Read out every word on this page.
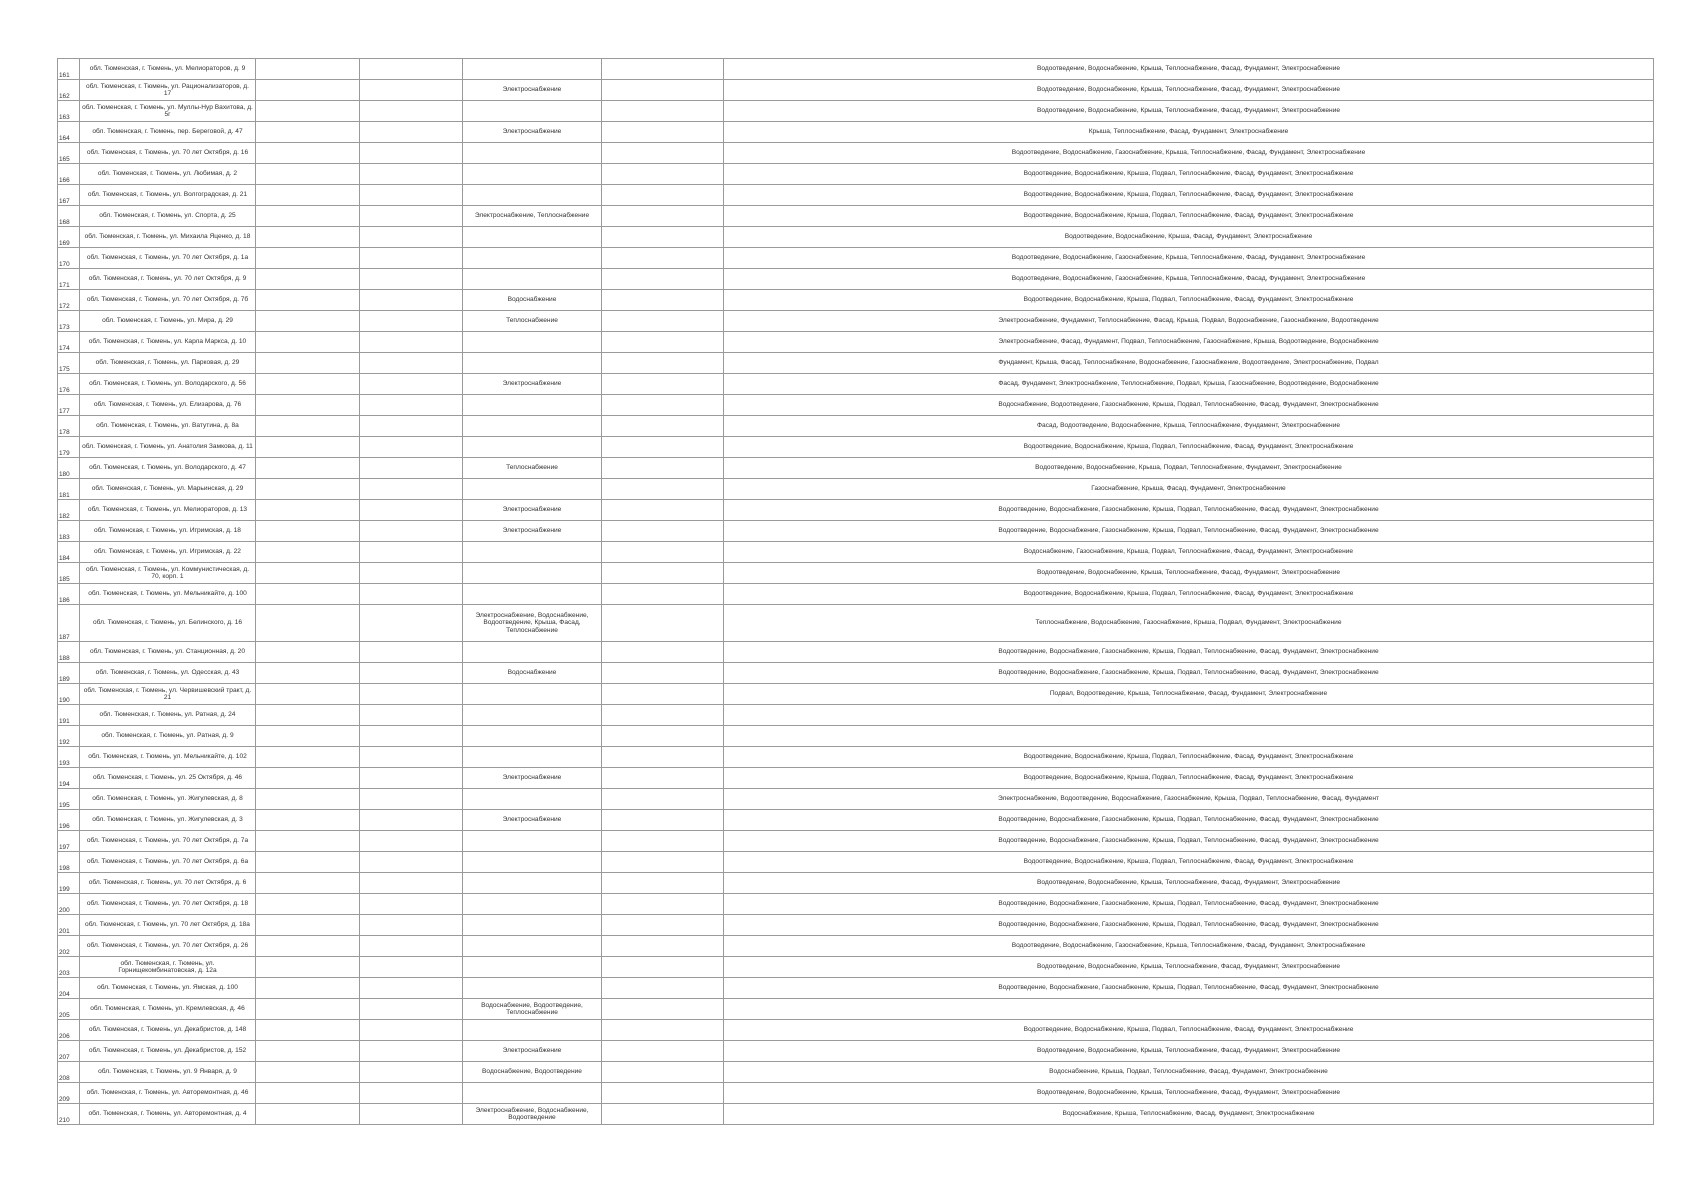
161	обл. Тюменская, г. Тюмень, ул. Мелиораторов, д. 9					Водоотведение, Водоснабжение, Крыша, Теплоснабжение, Фасад, Фундамент, Электроснабжение
162	обл. Тюменская, г. Тюмень, ул. Рационализаторов, д. 17			Электроснабжение		Водоотведение, Водоснабжение, Крыша, Теплоснабжение, Фасад, Фундамент, Электроснабжение
163	обл. Тюменская, г. Тюмень, ул. Муллы-Нур Вахитова, д. 5г					Водоотведение, Водоснабжение, Крыша, Теплоснабжение, Фасад, Фундамент, Электроснабжение
164	обл. Тюменская, г. Тюмень, пер. Береговой, д. 47			Электроснабжение		Крыша, Теплоснабжение, Фасад, Фундамент, Электроснабжение
165	обл. Тюменская, г. Тюмень, ул. 70 лет Октября, д. 16					Водоотведение, Водоснабжение, Газоснабжение, Крыша, Теплоснабжение, Фасад, Фундамент, Электроснабжение
166	обл. Тюменская, г. Тюмень, ул. Любимая, д. 2					Водоотведение, Водоснабжение, Крыша, Подвал, Теплоснабжение, Фасад, Фундамент, Электроснабжение
167	обл. Тюменская, г. Тюмень, ул. Волгоградская, д. 21					Водоотведение, Водоснабжение, Крыша, Подвал, Теплоснабжение, Фасад, Фундамент, Электроснабжение
168	обл. Тюменская, г. Тюмень, ул. Спорта, д. 25			Электроснабжение, Теплоснабжение		Водоотведение, Водоснабжение, Крыша, Подвал, Теплоснабжение, Фасад, Фундамент, Электроснабжение
169	обл. Тюменская, г. Тюмень, ул. Михаила Яценко, д. 18					Водоотведение, Водоснабжение, Крыша, Фасад, Фундамент, Электроснабжение
170	обл. Тюменская, г. Тюмень, ул. 70 лет Октября, д. 1а					Водоотведение, Водоснабжение, Газоснабжение, Крыша, Теплоснабжение, Фасад, Фундамент, Электроснабжение
171	обл. Тюменская, г. Тюмень, ул. 70 лет Октября, д. 9					Водоотведение, Водоснабжение, Газоснабжение, Крыша, Теплоснабжение, Фасад, Фундамент, Электроснабжение
172	обл. Тюменская, г. Тюмень, ул. 70 лет Октября, д. 7б			Водоснабжение		Водоотведение, Водоснабжение, Крыша, Подвал, Теплоснабжение, Фасад, Фундамент, Электроснабжение
173	обл. Тюменская, г. Тюмень, ул. Мира, д. 29			Теплоснабжение		Электроснабжение, Фундамент, Теплоснабжение, Фасад, Крыша, Подвал, Водоснабжение, Газоснабжение, Водоотведение
174	обл. Тюменская, г. Тюмень, ул. Карла Маркса, д. 10					Электроснабжение, Фасад, Фундамент, Подвал, Теплоснабжение, Газоснабжение, Крыша, Водоотведение, Водоснабжение
175	обл. Тюменская, г. Тюмень, ул. Парковая, д. 29					Фундамент, Крыша, Фасад, Теплоснабжение, Водоснабжение, Газоснабжение, Водоотведение, Электроснабжение, Подвал
176	обл. Тюменская, г. Тюмень, ул. Володарского, д. 56			Электроснабжение		Фасад, Фундамент, Электроснабжение, Теплоснабжение, Подвал, Крыша, Газоснабжение, Водоотведение, Водоснабжение
177	обл. Тюменская, г. Тюмень, ул. Елизарова, д. 76					Водоснабжение, Водоотведение, Газоснабжение, Крыша, Подвал, Теплоснабжение, Фасад, Фундамент, Электроснабжение
178	обл. Тюменская, г. Тюмень, ул. Ватутина, д. 8а					Фасад, Водоотведение, Водоснабжение, Крыша, Теплоснабжение, Фундамент, Электроснабжение
179	обл. Тюменская, г. Тюмень, ул. Анатолия Замкова, д. 11					Водоотведение, Водоснабжение, Крыша, Подвал, Теплоснабжение, Фасад, Фундамент, Электроснабжение
180	обл. Тюменская, г. Тюмень, ул. Володарского, д. 47			Теплоснабжение		Водоотведение, Водоснабжение, Крыша, Подвал, Теплоснабжение, Фундамент, Электроснабжение
181	обл. Тюменская, г. Тюмень, ул. Марьинская, д. 29					Газоснабжение, Крыша, Фасад, Фундамент, Электроснабжение
182	обл. Тюменская, г. Тюмень, ул. Мелиораторов, д. 13			Электроснабжение		Водоотведение, Водоснабжение, Газоснабжение, Крыша, Подвал, Теплоснабжение, Фасад, Фундамент, Электроснабжение
183	обл. Тюменская, г. Тюмень, ул. Игримская, д. 18			Электроснабжение		Водоотведение, Водоснабжение, Газоснабжение, Крыша, Подвал, Теплоснабжение, Фасад, Фундамент, Электроснабжение
184	обл. Тюменская, г. Тюмень, ул. Игримская, д. 22					Водоснабжение, Газоснабжение, Крыша, Подвал, Теплоснабжение, Фасад, Фундамент, Электроснабжение
185	обл. Тюменская, г. Тюмень, ул. Коммунистическая, д. 70, корп. 1					Водоотведение, Водоснабжение, Крыша, Теплоснабжение, Фасад, Фундамент, Электроснабжение
186	обл. Тюменская, г. Тюмень, ул. Мельникайте, д. 100					Водоотведение, Водоснабжение, Крыша, Подвал, Теплоснабжение, Фасад, Фундамент, Электроснабжение
187	обл. Тюменская, г. Тюмень, ул. Белинского, д. 16			Электроснабжение, Водоснабжение, Водоотведение, Крыша, Фасад, Теплоснабжение		Теплоснабжение, Водоснабжение, Газоснабжение, Крыша, Подвал, Фундамент, Электроснабжение
188	обл. Тюменская, г. Тюмень, ул. Станционная, д. 20					Водоотведение, Водоснабжение, Газоснабжение, Крыша, Подвал, Теплоснабжение, Фасад, Фундамент, Электроснабжение
189	обл. Тюменская, г. Тюмень, ул. Одесская, д. 43			Водоснабжение		Водоотведение, Водоснабжение, Газоснабжение, Крыша, Подвал, Теплоснабжение, Фасад, Фундамент, Электроснабжение
190	обл. Тюменская, г. Тюмень, ул. Червишевский тракт, д. 21					Подвал, Водоотведение, Крыша, Теплоснабжение, Фасад, Фундамент, Электроснабжение
191	обл. Тюменская, г. Тюмень, ул. Ратная, д. 24					
192	обл. Тюменская, г. Тюмень, ул. Ратная, д. 9					
193	обл. Тюменская, г. Тюмень, ул. Мельникайте, д. 102					Водоотведение, Водоснабжение, Крыша, Подвал, Теплоснабжение, Фасад, Фундамент, Электроснабжение
194	обл. Тюменская, г. Тюмень, ул. 25 Октября, д. 46			Электроснабжение		Водоотведение, Водоснабжение, Крыша, Подвал, Теплоснабжение, Фасад, Фундамент, Электроснабжение
195	обл. Тюменская, г. Тюмень, ул. Жигулевская, д. 8					Электроснабжение, Водоотведение, Водоснабжение, Газоснабжение, Крыша, Подвал, Теплоснабжение, Фасад, Фундамент
196	обл. Тюменская, г. Тюмень, ул. Жигулевская, д. 3			Электроснабжение		Водоотведение, Водоснабжение, Газоснабжение, Крыша, Подвал, Теплоснабжение, Фасад, Фундамент, Электроснабжение
197	обл. Тюменская, г. Тюмень, ул. 70 лет Октября, д. 7а					Водоотведение, Водоснабжение, Газоснабжение, Крыша, Подвал, Теплоснабжение, Фасад, Фундамент, Электроснабжение
198	обл. Тюменская, г. Тюмень, ул. 70 лет Октября, д. 6а					Водоотведение, Водоснабжение, Крыша, Подвал, Теплоснабжение, Фасад, Фундамент, Электроснабжение
199	обл. Тюменская, г. Тюмень, ул. 70 лет Октября, д. 6					Водоотведение, Водоснабжение, Крыша, Теплоснабжение, Фасад, Фундамент, Электроснабжение
200	обл. Тюменская, г. Тюмень, ул. 70 лет Октября, д. 18					Водоотведение, Водоснабжение, Газоснабжение, Крыша, Подвал, Теплоснабжение, Фасад, Фундамент, Электроснабжение
201	обл. Тюменская, г. Тюмень, ул. 70 лет Октября, д. 18а					Водоотведение, Водоснабжение, Газоснабжение, Крыша, Подвал, Теплоснабжение, Фасад, Фундамент, Электроснабжение
202	обл. Тюменская, г. Тюмень, ул. 70 лет Октября, д. 26					Водоотведение, Водоснабжение, Газоснабжение, Крыша, Теплоснабжение, Фасад, Фундамент, Электроснабжение
203	обл. Тюменская, г. Тюмень, ул. Горнищекомбинатовская, д. 12а					Водоотведение, Водоснабжение, Крыша, Теплоснабжение, Фасад, Фундамент, Электроснабжение
204	обл. Тюменская, г. Тюмень, ул. Ямская, д. 100					Водоотведение, Водоснабжение, Газоснабжение, Крыша, Подвал, Теплоснабжение, Фасад, Фундамент, Электроснабжение
205	обл. Тюменская, г. Тюмень, ул. Кремлевская, д. 46			Водоснабжение, Водоотведение, Теплоснабжение		
206	обл. Тюменская, г. Тюмень, ул. Декабристов, д. 148					Водоотведение, Водоснабжение, Крыша, Подвал, Теплоснабжение, Фасад, Фундамент, Электроснабжение
207	обл. Тюменская, г. Тюмень, ул. Декабристов, д. 152			Электроснабжение		Водоотведение, Водоснабжение, Крыша, Теплоснабжение, Фасад, Фундамент, Электроснабжение
208	обл. Тюменская, г. Тюмень, ул. 9 Января, д. 9			Водоснабжение, Водоотведение		Водоснабжение, Крыша, Подвал, Теплоснабжение, Фасад, Фундамент, Электроснабжение
209	обл. Тюменская, г. Тюмень, ул. Авторемонтная, д. 46					Водоотведение, Водоснабжение, Крыша, Теплоснабжение, Фасад, Фундамент, Электроснабжение
210	обл. Тюменская, г. Тюмень, ул. Авторемонтная, д. 4			Электроснабжение, Водоснабжение, Водоотведение		Водоснабжение, Крыша, Теплоснабжение, Фасад, Фундамент, Электроснабжение
